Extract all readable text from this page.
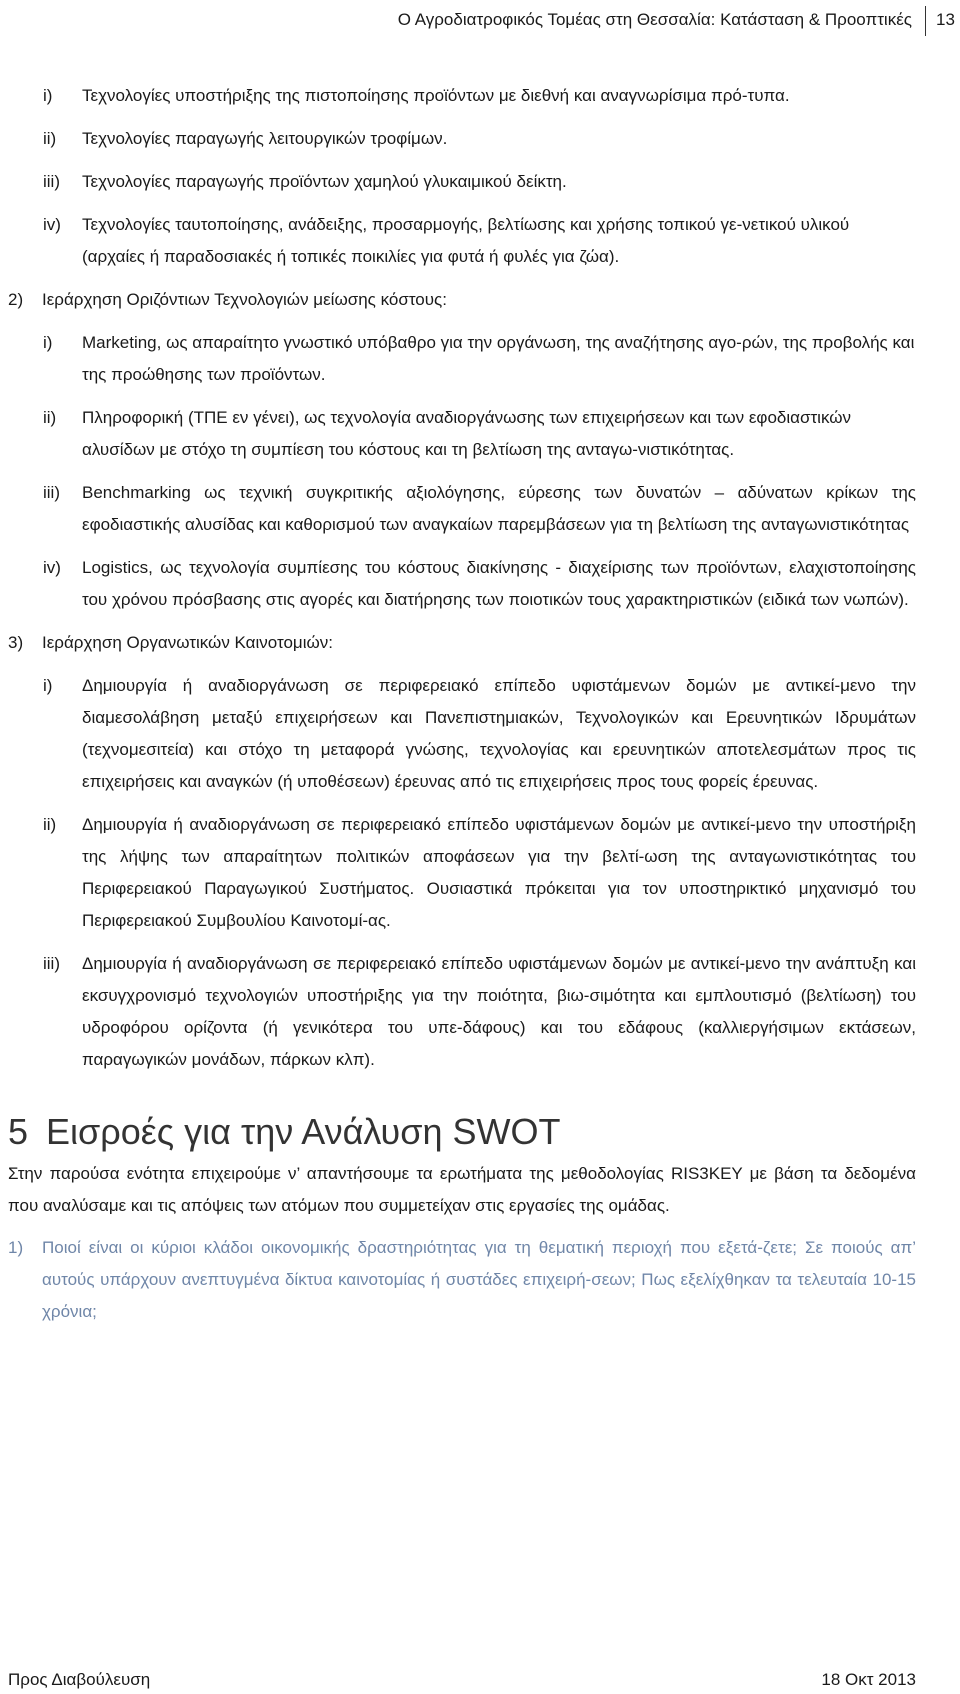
Ο Αγροδιατροφικός Τομέας στη Θεσσαλία: Κατάσταση & Προοπτικές 13
i) Τεχνολογίες υποστήριξης της πιστοποίησης προϊόντων με διεθνή και αναγνωρίσιμα πρό-τυπα.
ii) Τεχνολογίες παραγωγής λειτουργικών τροφίμων.
iii) Τεχνολογίες παραγωγής προϊόντων χαμηλού γλυκαιμικού δείκτη.
iv) Τεχνολογίες ταυτοποίησης, ανάδειξης, προσαρμογής, βελτίωσης και χρήσης τοπικού γε-νετικού υλικού (αρχαίες ή παραδοσιακές ή τοπικές ποικιλίες για φυτά ή φυλές για ζώα).
2) Ιεράρχηση Οριζόντιων Τεχνολογιών μείωσης κόστους:
i) Marketing, ως απαραίτητο γνωστικό υπόβαθρο για την οργάνωση, της αναζήτησης αγο-ρών, της προβολής και της προώθησης των προϊόντων.
ii) Πληροφορική (ΤΠΕ εν γένει), ως τεχνολογία αναδιοργάνωσης των επιχειρήσεων και των εφοδιαστικών αλυσίδων με στόχο τη συμπίεση του κόστους και τη βελτίωση της ανταγω-νιστικότητας.
iii) Benchmarking ως τεχνική συγκριτικής αξιολόγησης, εύρεσης των δυνατών – αδύνατων κρίκων της εφοδιαστικής αλυσίδας και καθορισμού των αναγκαίων παρεμβάσεων για τη βελτίωση της ανταγωνιστικότητας
iv) Logistics, ως τεχνολογία συμπίεσης του κόστους διακίνησης - διαχείρισης των προϊόντων, ελαχιστοποίησης του χρόνου πρόσβασης στις αγορές και διατήρησης των ποιοτικών τους χαρακτηριστικών (ειδικά των νωπών).
3) Ιεράρχηση Οργανωτικών Καινοτομιών:
i) Δημιουργία ή αναδιοργάνωση σε περιφερειακό επίπεδο υφιστάμενων δομών με αντικεί-μενο την διαμεσολάβηση μεταξύ επιχειρήσεων και Πανεπιστημιακών, Τεχνολογικών και Ερευνητικών Ιδρυμάτων (τεχνομεσιτεία) και στόχο τη μεταφορά γνώσης, τεχνολογίας και ερευνητικών αποτελεσμάτων προς τις επιχειρήσεις και αναγκών (ή υποθέσεων) έρευνας από τις επιχειρήσεις προς τους φορείς έρευνας.
ii) Δημιουργία ή αναδιοργάνωση σε περιφερειακό επίπεδο υφιστάμενων δομών με αντικεί-μενο την υποστήριξη της λήψης των απαραίτητων πολιτικών αποφάσεων για την βελτί-ωση της ανταγωνιστικότητας του Περιφερειακού Παραγωγικού Συστήματος. Ουσιαστικά πρόκειται για τον υποστηρικτικό μηχανισμό του Περιφερειακού Συμβουλίου Καινοτομί-ας.
iii) Δημιουργία ή αναδιοργάνωση σε περιφερειακό επίπεδο υφιστάμενων δομών με αντικεί-μενο την ανάπτυξη και εκσυγχρονισμό τεχνολογιών υποστήριξης για την ποιότητα, βιω-σιμότητα και εμπλουτισμό (βελτίωση) του υδροφόρου ορίζοντα (ή γενικότερα του υπε-δάφους) και του εδάφους (καλλιεργήσιμων εκτάσεων, παραγωγικών μονάδων, πάρκων κλπ).
5 Εισροές για την Ανάλυση SWOT

Στην παρούσα ενότητα επιχειρούμε ν’ απαντήσουμε τα ερωτήματα της μεθοδολογίας RIS3KEY με βάση τα δεδομένα που αναλύσαμε και τις απόψεις των ατόμων που συμμετείχαν στις εργασίες της ομάδας.

1) Ποιοί είναι οι κύριοι κλάδοι οικονομικής δραστηριότητας για τη θεματική περιοχή που εξετά-ζετε; Σε ποιούς απ’ αυτούς υπάρχουν ανεπτυγμένα δίκτυα καινοτομίας ή συστάδες επιχειρή-σεων; Πως εξελίχθηκαν τα τελευταία 10-15 χρόνια;
Προς Διαβούλευση	18 Οκτ 2013
